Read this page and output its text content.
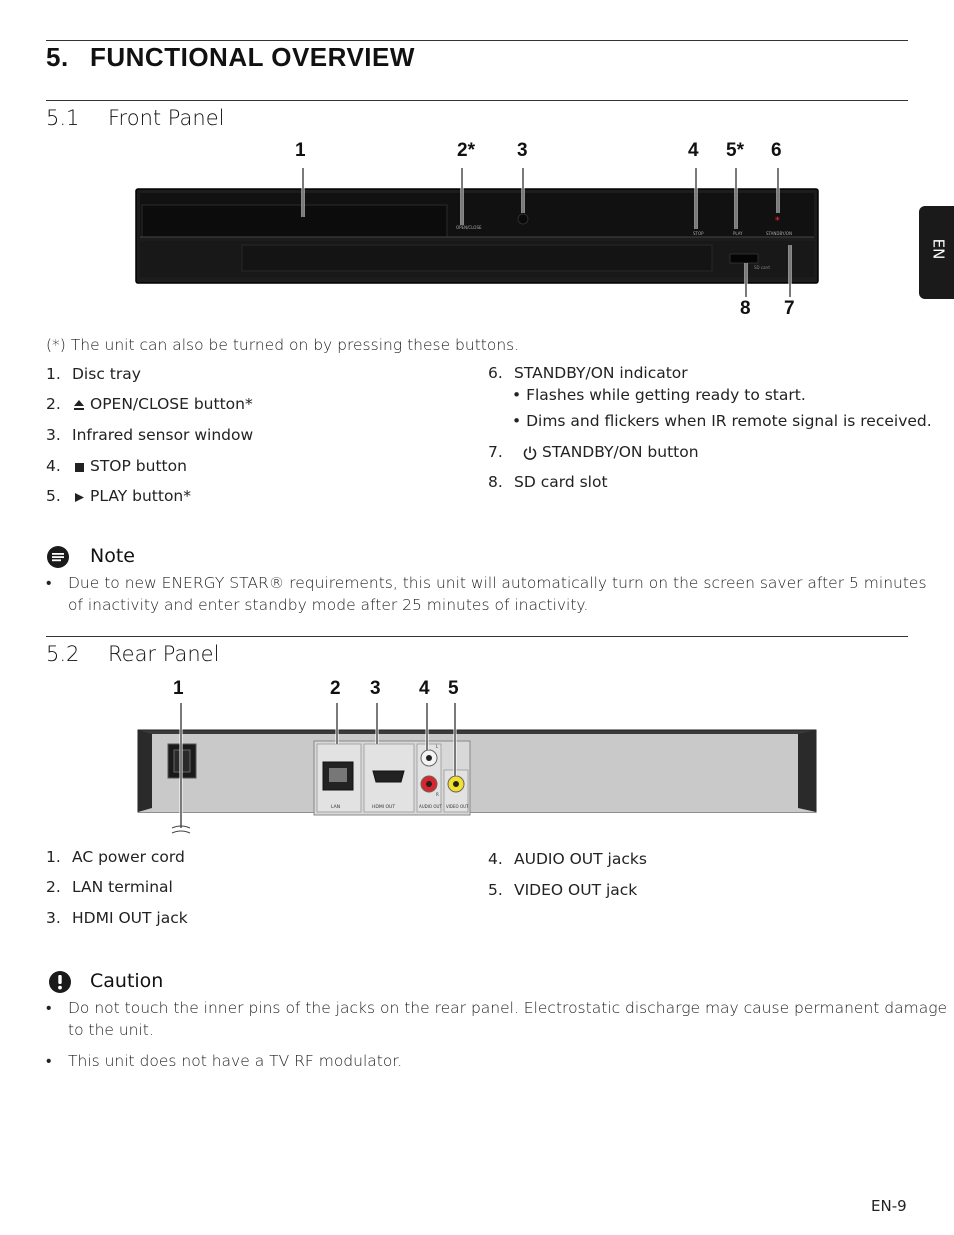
5. FUNCTIONAL OVERVIEW
5.1 Front Panel
1	2* 3	4 5* 6
8 7
SD card
OPEN/CLOSE
STOP	PLAY	STANDBY/ON
*
(*) The unit can also be turned on by pressing these buttons.
1. Disc tray
2. OPEN/CLOSE button*
3. Infrared sensor window
4. STOP button
5. PLAY button*
6. STANDBY/ON indicator
• Flashes while getting ready to start.
• Dims and flickers when IR remote signal is received.
7.	STANDBY/ON button
8. SD card slot
Note
• Due to new ENERGY STAR® requirements, this unit will automatically turn on the screen saver after 5 minutes
of inactivity and enter standby mode after 25 minutes of inactivity.
5.2 Rear Panel
1	2 3 4 5
LAN	HDMI OUT
L
R
AUDIO OUT VIDEO OUT
1. AC power cord
2. LAN terminal
3. HDMI OUT jack
4. AUDIO OUT jacks
5. VIDEO OUT jack
Caution
• Do not touch the inner pins of the jacks on the rear panel. Electrostatic discharge may cause permanent damage
to the unit.
• This unit does not have a TV RF modulator.
EN
EN-9
